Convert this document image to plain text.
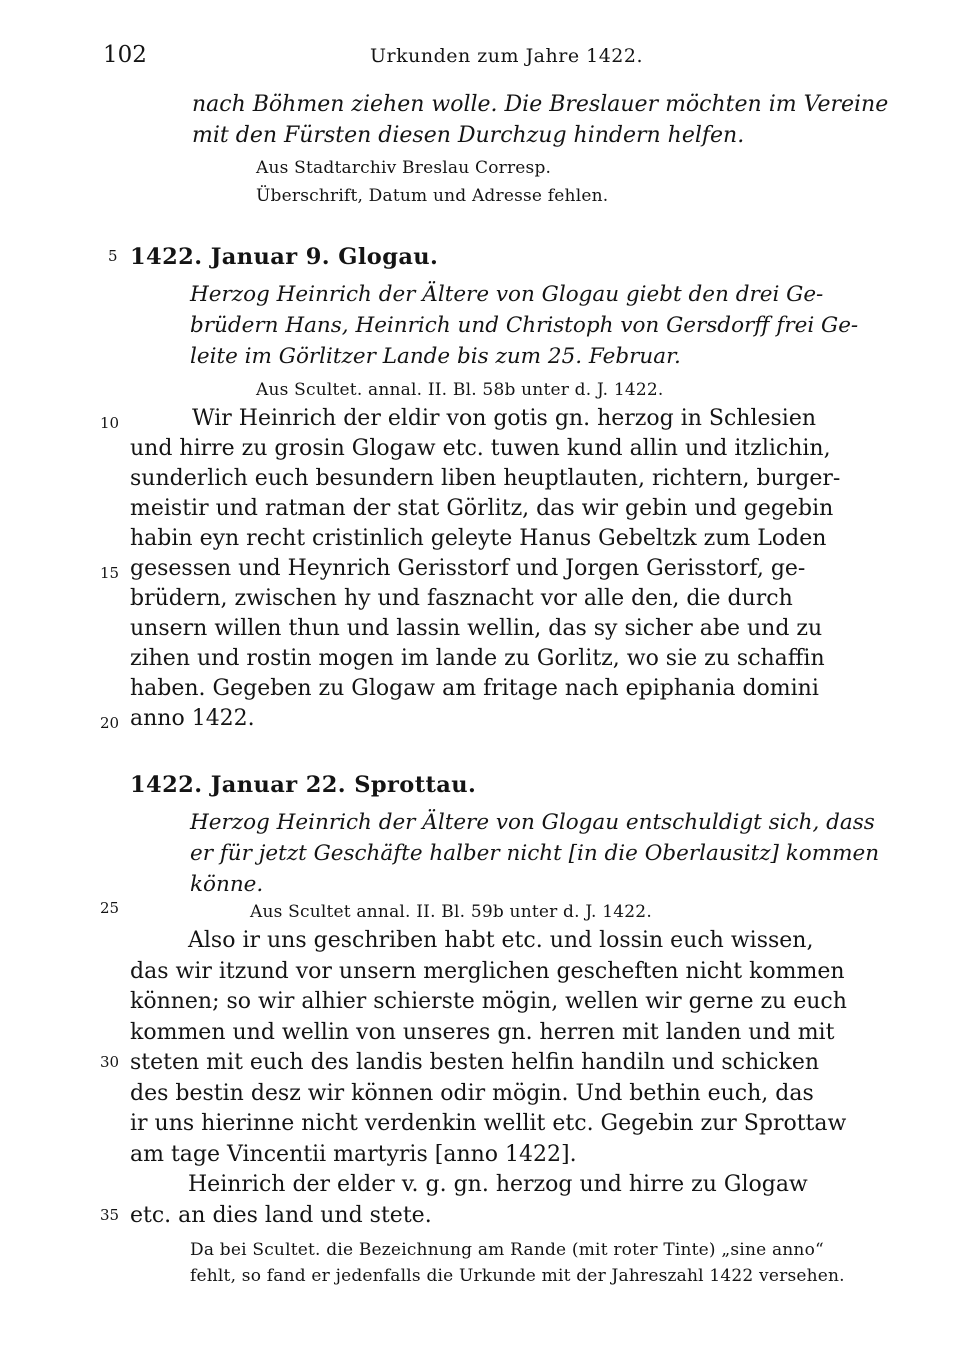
102	Urkunden zum Jahre 1422.
nach Böhmen ziehen wolle. Die Breslauer möchten im Vereine
mit den Fürsten diesen Durchzug hindern helfen.
Aus Stadtarchiv Breslau Corresp.
Überschrift, Datum und Adresse fehlen.
5
10
15
20
25
30
35
1422. Januar 9. Glogau.
Herzog Heinrich der Ältere von Glogau giebt den drei Ge-
brüdern Hans, Heinrich und Christoph von Gersdorff frei Ge-
leite im Görlitzer Lande bis zum 25. Februar.
Aus Scultet. annal. II. Bl. 58b unter d. J. 1422.
Wir Heinrich der eldir von gotis gn. herzog in Schlesien
und hirre zu grosin Glogaw etc. tuwen kund allin und itzlichin,
sunderlich euch besundern liben heuptlauten, richtern, burger-
meistir und ratman der stat Görlitz, das wir gebin und gegebin
habin eyn recht cristinlich geleyte Hanus Gebeltzk zum Loden
gesessen und Heynrich Gerisstorf und Jorgen Gerisstorf, ge-
brüdern, zwischen hy und fasznacht vor alle den, die durch
unsern willen thun und lassin wellin, das sy sicher abe und zu
zihen und rostin mogen im lande zu Gorlitz, wo sie zu schaffin
haben. Gegeben zu Glogaw am fritage nach epiphania domini
anno 1422.
1422. Januar 22. Sprottau.
Herzog Heinrich der Ältere von Glogau entschuldigt sich, dass
er für jetzt Geschäfte halber nicht [in die Oberlausitz] kommen
könne.
Aus Scultet annal. II. Bl. 59b unter d. J. 1422.
Also ir uns geschriben habt etc. und lossin euch wissen,
das wir itzund vor unsern merglichen gescheften nicht kommen
können; so wir alhier schierste mögin, wellen wir gerne zu euch
kommen und wellin von unseres gn. herren mit landen und mit
steten mit euch des landis besten helfin handiln und schicken
des bestin desz wir können odir mögin. Und bethin euch, das
ir uns hierinne nicht verdenkin wellit etc. Gegebin zur Sprottaw
am tage Vincentii martyris [anno 1422].
Heinrich der elder v. g. gn. herzog und hirre zu Glogaw
etc. an dies land und stete.
Da bei Scultet. die Bezeichnung am Rande (mit roter Tinte) „sine anno“
fehlt, so fand er jedenfalls die Urkunde mit der Jahreszahl 1422 versehen.
